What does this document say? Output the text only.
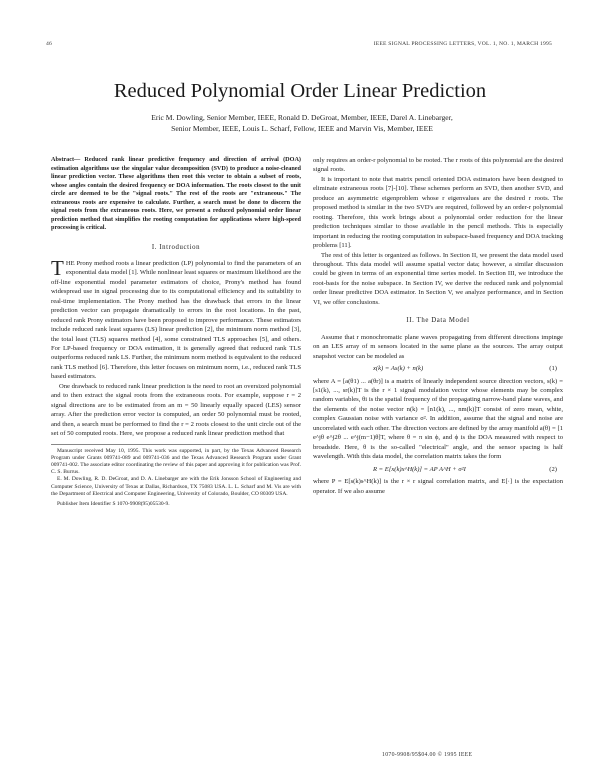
46	IEEE SIGNAL PROCESSING LETTERS, VOL. 1, NO. 1, MARCH 1995
Reduced Polynomial Order Linear Prediction
Eric M. Dowling, Senior Member, IEEE, Ronald D. DeGroat, Member, IEEE, Darel A. Linebarger,
Senior Member, IEEE, Louis L. Scharf, Fellow, IEEE and Marvin Vis, Member, IEEE
Abstract— Reduced rank linear predictive frequency and direction of arrival (DOA) estimation algorithms use the singular value decomposition (SVD) to produce a noise-cleaned linear prediction vector. These algorithms then root this vector to obtain a subset of roots, whose angles contain the desired frequency or DOA information. The roots closest to the unit circle are deemed to be the "signal roots." The rest of the roots are "extraneous." The extraneous roots are expensive to calculate. Further, a search must be done to discern the signal roots from the extraneous roots. Here, we present a reduced polynomial order linear prediction method that simplifies the rooting computation for applications where high-speed processing is critical.
I. Introduction

THE Prony method roots a linear prediction (LP) polynomial to find the parameters of an exponential data model [1]. While nonlinear least squares or maximum likelihood are the off-line exponential model parameter estimators of choice, Prony's method has found widespread use in signal processing due to its computational efficiency and its suitability to real-time implementation. The Prony method has the drawback that errors in the linear prediction vector can propagate dramatically to errors in the root locations. In the past, reduced rank Prony estimators have been proposed to improve performance. These estimators include reduced rank least squares (LS) linear prediction [2], the minimum norm method [3], the total least (TLS) squares method [4], some constrained TLS approaches [5], and others. For LP-based frequency or DOA estimation, it is generally agreed that reduced rank TLS outperforms reduced rank LS. Further, the minimum norm method is equivalent to the reduced rank TLS method [6]. Therefore, this letter focuses on minimum norm, i.e., reduced rank TLS based estimators.

One drawback to reduced rank linear prediction is the need to root an oversized polynomial and to then extract the signal roots from the extraneous roots. For example, suppose r = 2 signal directions are to be estimated from an m = 50 linearly equally spaced (LES) sensor array. After the prediction error vector is computed, an order 50 polynomial must be rooted, and then, a search must be performed to find the r = 2 roots closest to the unit circle out of the set of 50 computed roots. Here, we propose a reduced rank linear prediction method that

Manuscript received May 10, 1995. This work was supported, in part, by the Texas Advanced Research Program under Grants 009741-089 and 009741-036 and the Texas Advanced Research Program under Grant 009741-002. The associate editor coordinating the review of this paper and approving it for publication was Prof. C. S. Burrus.

E. M. Dowling, R. D. DeGroat, and D. A. Linebarger are with the Erik Jonsson School of Engineering and Computer Science, University of Texas at Dallas, Richardson, TX 75083 USA. L. L. Scharf and M. Vis are with the Department of Electrical and Computer Engineering, University of Colorado, Boulder, CO 80309 USA.

Publisher Item Identifier S 1070-9908(95)05530-9.

only requires an order-r polynomial to be rooted. The r roots of this polynomial are the desired signal roots.

It is important to note that matrix pencil oriented DOA estimators have been designed to eliminate extraneous roots [7]-[10]. These schemes perform an SVD, then another SVD, and produce an asymmetric eigenproblem whose r eigenvalues are the desired r roots. The proposed method is similar in the two SVD's are required, followed by an order-r polynomial rooting. Therefore, this work brings about a polynomial order reduction for the linear prediction techniques similar to those available in the pencil methods. This is especially important in reducing the rooting computation in subspace-based frequency and DOA tracking problems [11].

The rest of this letter is organized as follows. In Section II, we present the data model used throughout. This data model will assume spatial vector data; however, a similar discussion could be given in terms of an exponential time series model. In Section III, we introduce the root-basis for the noise subspace. In Section IV, we derive the reduced rank and polynomial order linear predictive DOA estimator. In Section V, we analyze performance, and in Section VI, we offer conclusions.

II. The Data Model

Assume that r monochromatic plane waves propagating from different directions impinge on an LES array of m sensors located in the same plane as the sources. The array output snapshot vector can be modeled as

x(k) = As(k) + n(k)	(1)

where A = [a(θ1) ... a(θr)] is a matrix of linearly independent source direction vectors, s(k) = [s1(k), ..., sr(k)]T is the r × 1 signal modulation vector whose elements may be complex random variables, θi is the spatial frequency of the propagating narrow-band plane waves, and the elements of the noise vector n(k) = [n1(k), ..., nm(k)]T consist of zero mean, white, complex Gaussian noise with variance σ². In addition, assume that the signal and noise are uncorrelated with each other. The direction vectors are defined by the array manifold a(θ) = [1 e^jθ e^j2θ ... e^j(m−1)θ]T, where θ = π sin ϕ, and ϕ is the DOA measured with respect to broadside. Here, θ is the so-called "electrical" angle, and the sensor spacing is half wavelength. With this data model, the correlation matrix takes the form

R = E[x(k)x^H(k)] = AP A^H + σ²I	(2)

where P = E[s(k)s^H(k)] is the r × r signal correlation matrix, and E[·] is the expectation operator. If we also assume

1070-9908/95$04.00 © 1995 IEEE
